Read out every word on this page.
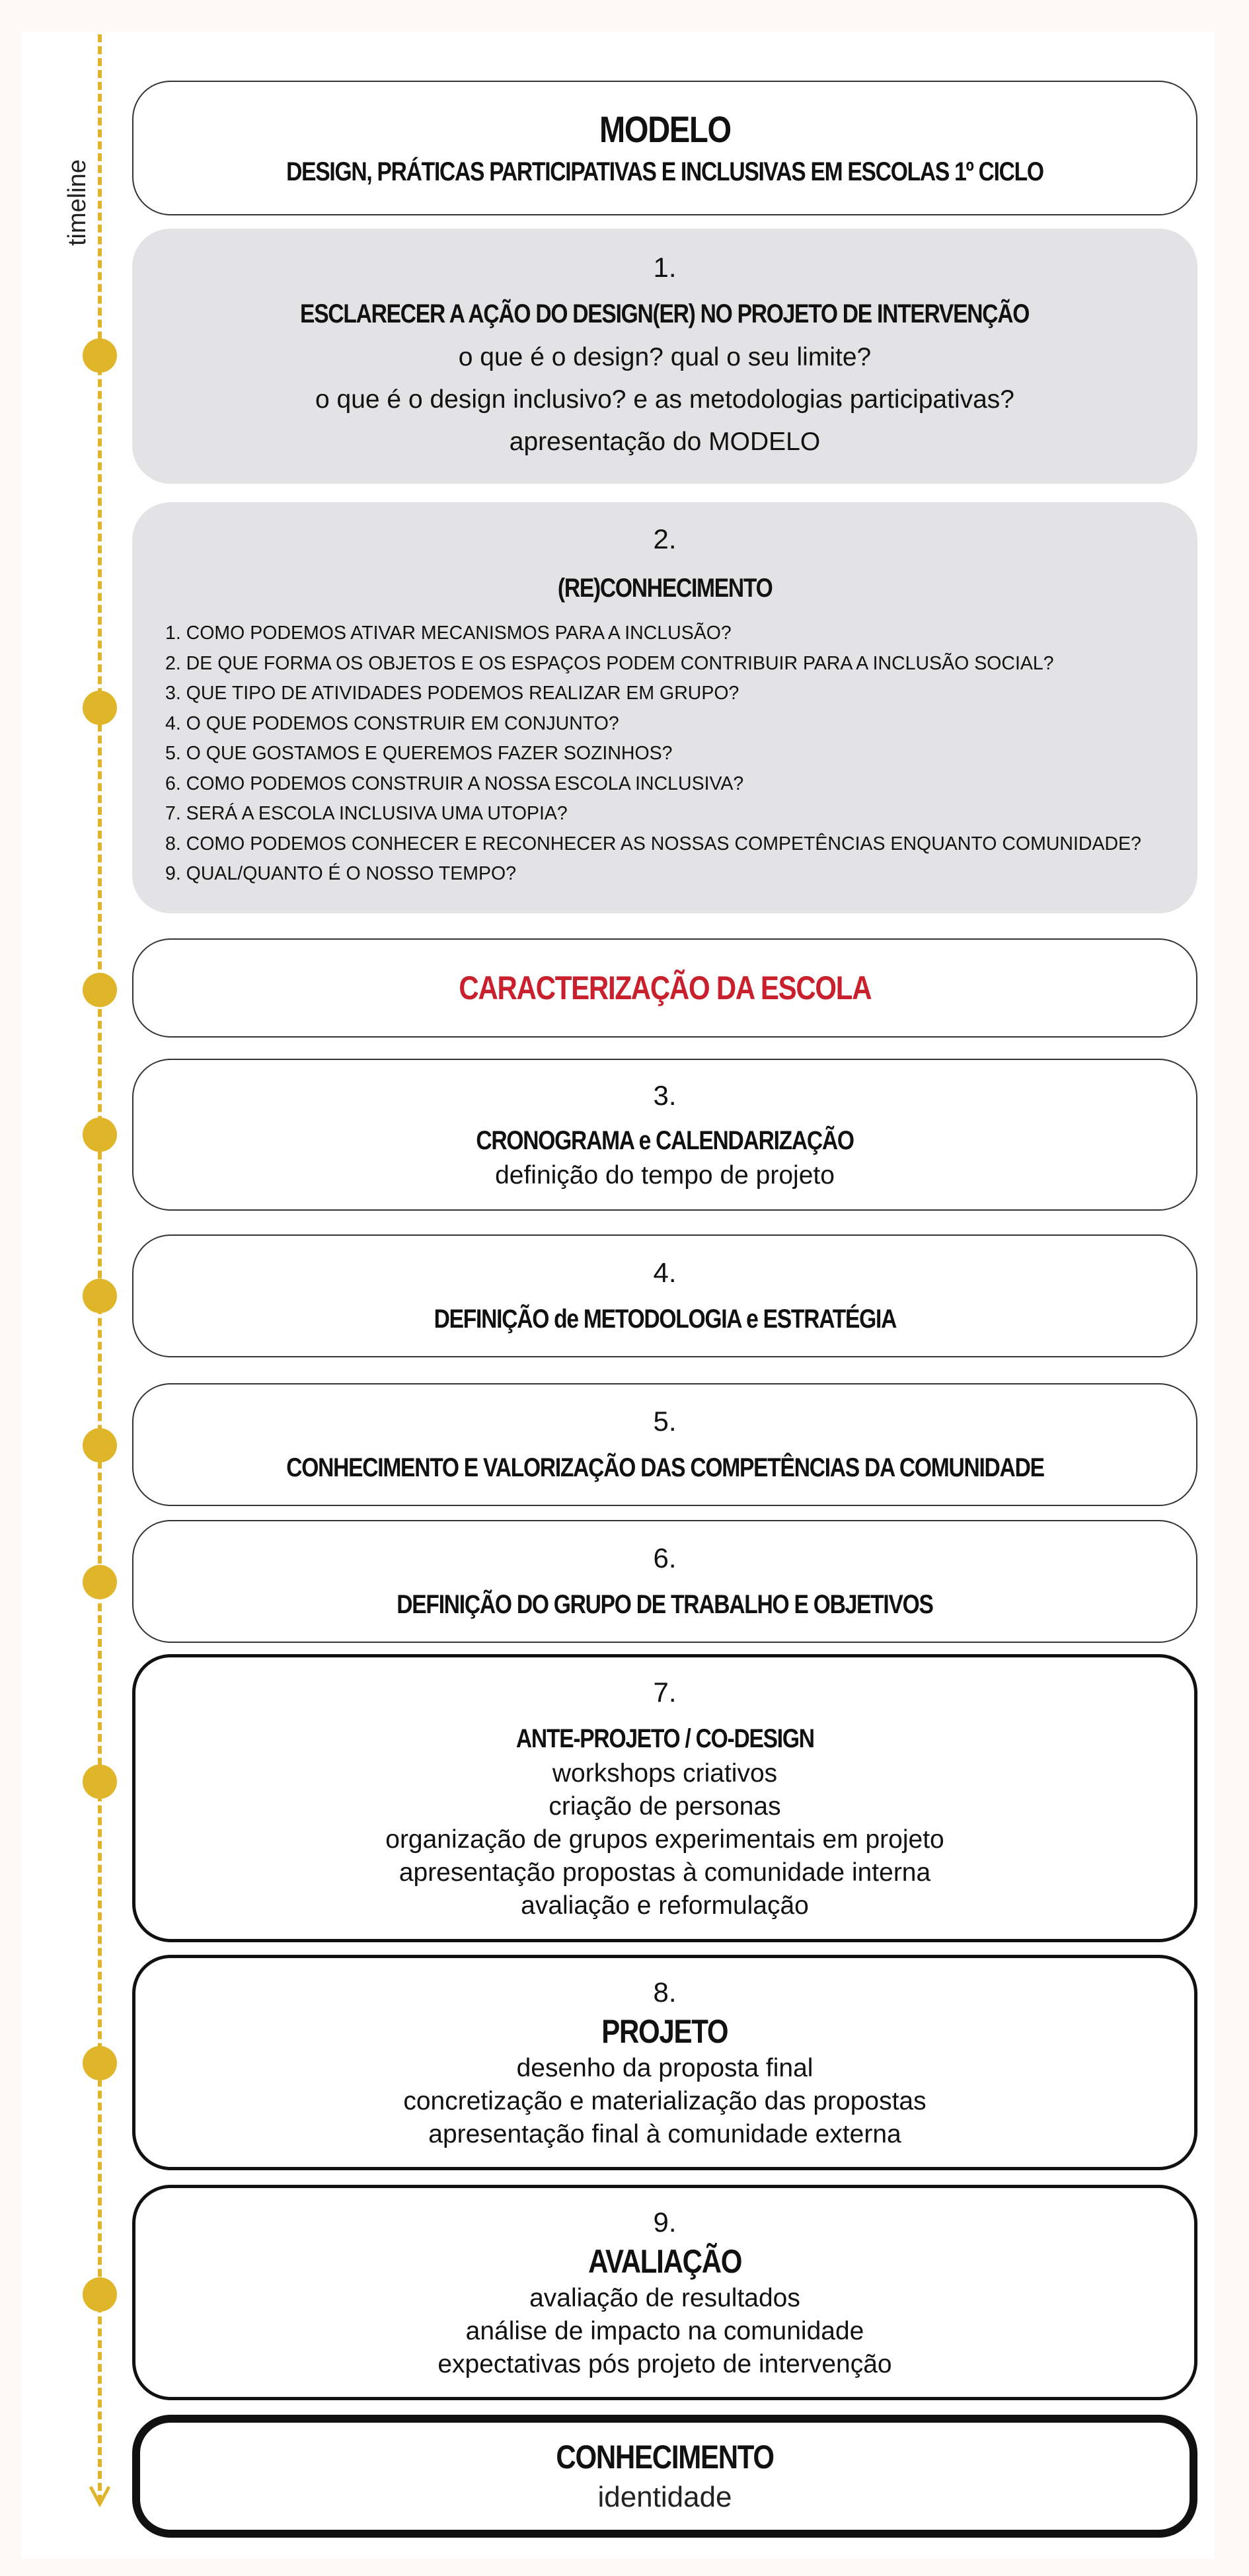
timeline
MODELO
DESIGN, PRÁTICAS PARTICIPATIVAS E INCLUSIVAS EM ESCOLAS 1º CICLO
1.
ESCLARECER A AÇÃO DO DESIGN(ER) NO PROJETO DE INTERVENÇÃO
o que é o design? qual o seu limite?
o que é o design inclusivo? e as metodologias participativas?
apresentação do MODELO
2.
(RE)CONHECIMENTO
1. COMO PODEMOS ATIVAR MECANISMOS PARA A INCLUSÃO?
2. DE QUE FORMA OS OBJETOS E OS ESPAÇOS PODEM CONTRIBUIR PARA A INCLUSÃO SOCIAL?
3. QUE TIPO DE ATIVIDADES PODEMOS REALIZAR EM GRUPO?
4. O QUE PODEMOS CONSTRUIR EM CONJUNTO?
5. O QUE GOSTAMOS E QUEREMOS FAZER SOZINHOS?
6. COMO PODEMOS CONSTRUIR A NOSSA ESCOLA INCLUSIVA?
7. SERÁ A ESCOLA INCLUSIVA UMA UTOPIA?
8. COMO PODEMOS CONHECER E RECONHECER AS NOSSAS COMPETÊNCIAS ENQUANTO COMUNIDADE?
9. QUAL/QUANTO É O NOSSO TEMPO?
CARACTERIZAÇÃO DA ESCOLA
3.
CRONOGRAMA e CALENDARIZAÇÃO
definição do tempo de projeto
4.
DEFINIÇÃO de METODOLOGIA e ESTRATÉGIA
5.
CONHECIMENTO E VALORIZAÇÃO DAS COMPETÊNCIAS DA COMUNIDADE
6.
DEFINIÇÃO DO GRUPO DE TRABALHO E OBJETIVOS
7.
ANTE-PROJETO / CO-DESIGN
workshops criativos
criação de personas
organização de grupos experimentais em projeto
apresentação propostas à comunidade interna
avaliação e reformulação
8.
PROJETO
desenho da proposta final
concretização e materialização das propostas
apresentação final à comunidade externa
9.
AVALIAÇÃO
avaliação de resultados
análise de impacto na comunidade
expectativas pós projeto de intervenção
CONHECIMENTO
identidade
